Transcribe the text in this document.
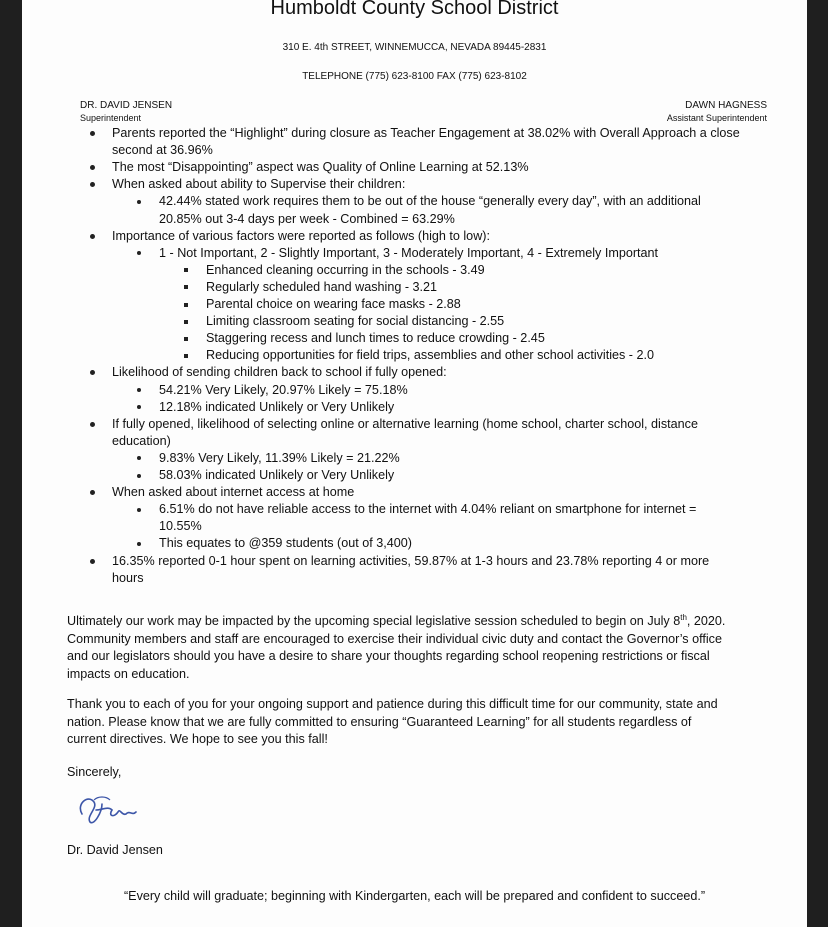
Humboldt County School District
310 E. 4th STREET, WINNEMUCCA, NEVADA 89445-2831
TELEPHONE (775) 623-8100 FAX (775) 623-8102
DR. DAVID JENSEN
Superintendent
DAWN HAGNESS
Assistant Superintendent
Parents reported the “Highlight” during closure as Teacher Engagement at 38.02% with Overall Approach a close
second at 36.96%
The most “Disappointing” aspect was Quality of Online Learning at 52.13%
When asked about ability to Supervise their children:
42.44% stated work requires them to be out of the house “generally every day”, with an additional
20.85% out 3-4 days per week - Combined = 63.29%
Importance of various factors were reported as follows (high to low):
1 - Not Important, 2 - Slightly Important, 3 - Moderately Important, 4 - Extremely Important
Enhanced cleaning occurring in the schools - 3.49
Regularly scheduled hand washing - 3.21
Parental choice on wearing face masks - 2.88
Limiting classroom seating for social distancing - 2.55
Staggering recess and lunch times to reduce crowding - 2.45
Reducing opportunities for field trips, assemblies and other school activities - 2.0
Likelihood of sending children back to school if fully opened:
54.21% Very Likely, 20.97% Likely = 75.18%
12.18% indicated Unlikely or Very Unlikely
If fully opened, likelihood of selecting online or alternative learning (home school, charter school, distance
education)
9.83% Very Likely, 11.39% Likely = 21.22%
58.03% indicated Unlikely or Very Unlikely
When asked about internet access at home
6.51% do not have reliable access to the internet with 4.04% reliant on smartphone for internet =
10.55%
This equates to @359 students (out of 3,400)
16.35% reported 0-1 hour spent on learning activities, 59.87% at 1-3 hours and 23.78% reporting 4 or more
hours
Ultimately our work may be impacted by the upcoming special legislative session scheduled to begin on July 8th, 2020.
Community members and staff are encouraged to exercise their individual civic duty and contact the Governor’s office
and our legislators should you have a desire to share your thoughts regarding school reopening restrictions or fiscal
impacts on education.
Thank you to each of you for your ongoing support and patience during this difficult time for our community, state and
nation. Please know that we are fully committed to ensuring “Guaranteed Learning” for all students regardless of
current directives. We hope to see you this fall!
Sincerely,
Dr. David Jensen
“Every child will graduate; beginning with Kindergarten, each will be prepared and confident to succeed.”
